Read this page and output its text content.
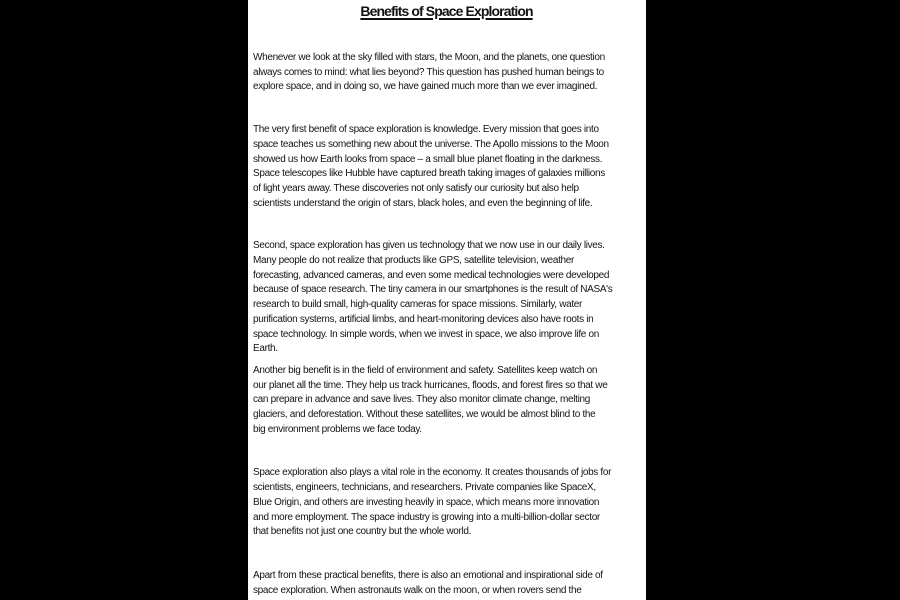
Benefits of Space Exploration

Whenever we look at the sky filled with stars, the Moon, and the planets, one question
always comes to mind: what lies beyond? This question has pushed human beings to
explore space, and in doing so, we have gained much more than we ever imagined.

The very first benefit of space exploration is knowledge. Every mission that goes into
space teaches us something new about the universe. The Apollo missions to the Moon
showed us how Earth looks from space – a small blue planet floating in the darkness.
Space telescopes like Hubble have captured breath taking images of galaxies millions
of light years away. These discoveries not only satisfy our curiosity but also help
scientists understand the origin of stars, black holes, and even the beginning of life.

Second, space exploration has given us technology that we now use in our daily lives.
Many people do not realize that products like GPS, satellite television, weather
forecasting, advanced cameras, and even some medical technologies were developed
because of space research. The tiny camera in our smartphones is the result of NASA's
research to build small, high-quality cameras for space missions. Similarly, water
purification systems, artificial limbs, and heart-monitoring devices also have roots in
space technology. In simple words, when we invest in space, we also improve life on
Earth.

Another big benefit is in the field of environment and safety. Satellites keep watch on
our planet all the time. They help us track hurricanes, floods, and forest fires so that we
can prepare in advance and save lives. They also monitor climate change, melting
glaciers, and deforestation. Without these satellites, we would be almost blind to the
big environment problems we face today.

Space exploration also plays a vital role in the economy. It creates thousands of jobs for
scientists, engineers, technicians, and researchers. Private companies like SpaceX,
Blue Origin, and others are investing heavily in space, which means more innovation
and more employment. The space industry is growing into a multi-billion-dollar sector
that benefits not just one country but the whole world.

Apart from these practical benefits, there is also an emotional and inspirational side of
space exploration. When astronauts walk on the moon, or when rovers send the
